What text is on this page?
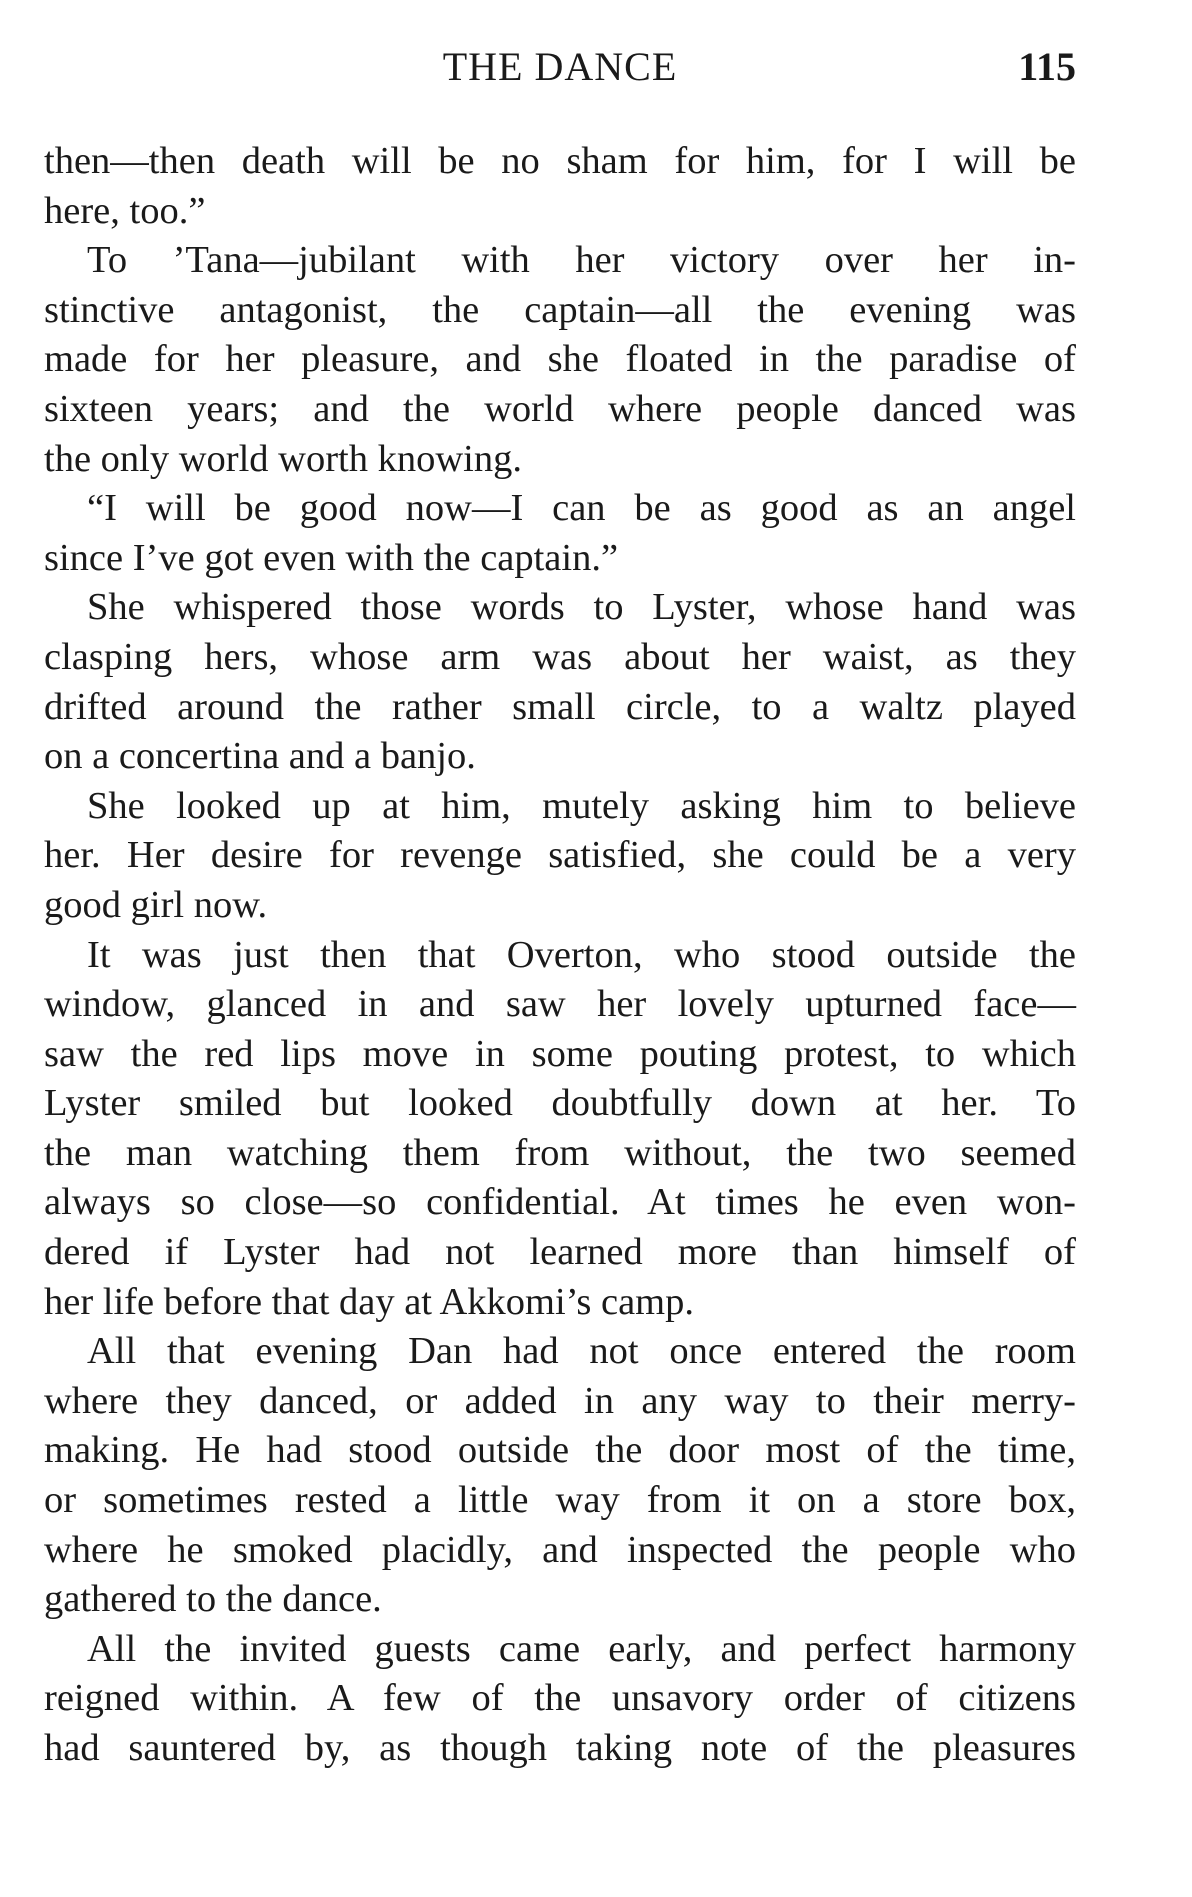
THE DANCE	115
then—then death will be no sham for him, for I will be
here, too.”
To ’Tana—jubilant with her victory over her in-
stinctive antagonist, the captain—all the evening was
made for her pleasure, and she floated in the paradise of
sixteen years; and the world where people danced was
the only world worth knowing.
“I will be good now—I can be as good as an angel
since I’ve got even with the captain.”
She whispered those words to Lyster, whose hand was
clasping hers, whose arm was about her waist, as they
drifted around the rather small circle, to a waltz played
on a concertina and a banjo.
She looked up at him, mutely asking him to believe
her. Her desire for revenge satisfied, she could be a very
good girl now.
It was just then that Overton, who stood outside the
window, glanced in and saw her lovely upturned face—
saw the red lips move in some pouting protest, to which
Lyster smiled but looked doubtfully down at her. To
the man watching them from without, the two seemed
always so close—so confidential. At times he even won-
dered if Lyster had not learned more than himself of
her life before that day at Akkomi’s camp.
All that evening Dan had not once entered the room
where they danced, or added in any way to their merry-
making. He had stood outside the door most of the time,
or sometimes rested a little way from it on a store box,
where he smoked placidly, and inspected the people who
gathered to the dance.
All the invited guests came early, and perfect harmony
reigned within. A few of the unsavory order of citizens
had sauntered by, as though taking note of the pleasures
